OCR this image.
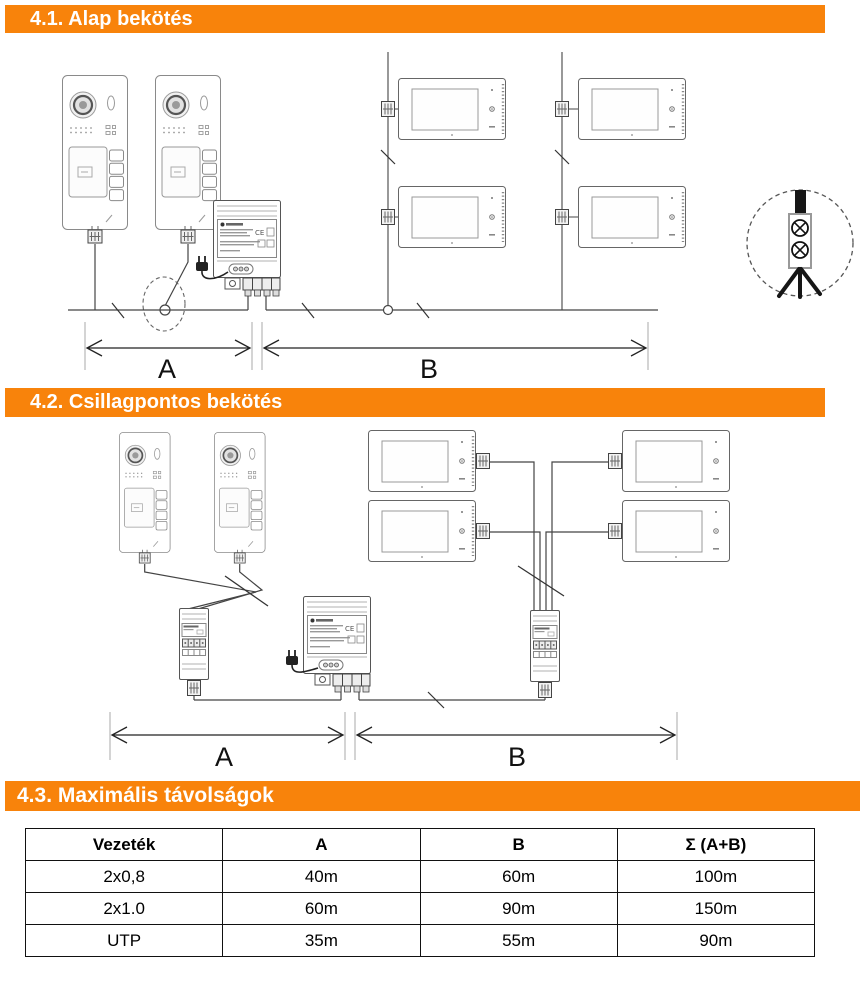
4.1. Alap bekötés
CE
A	B
4.2. Csillagpontos bekötés
A	B
4.3. Maximális távolságok
Vezeték	A	B	Σ (A+B)
2x0,8	40m	60m	100m
2x1.0	60m	90m	150m
UTP	35m	55m	90m
